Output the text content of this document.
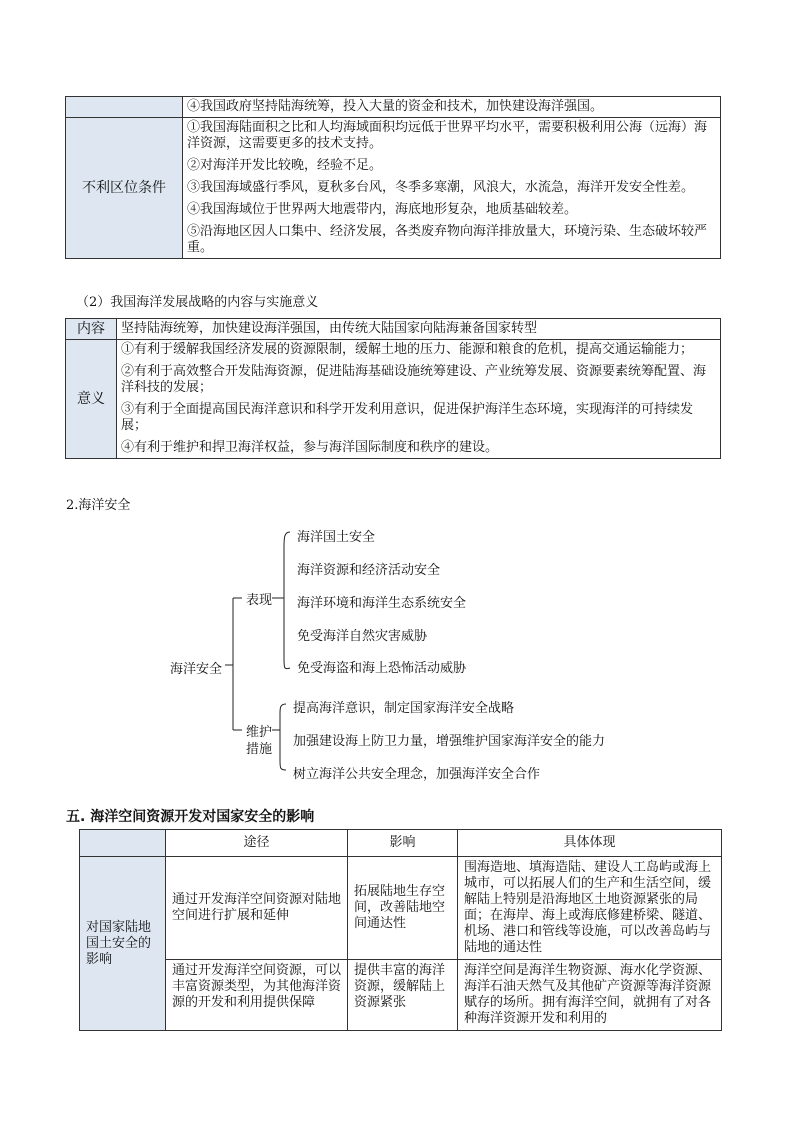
	④我国政府坚持陆海统筹，投入大量的资金和技术，加快建设海洋强国。
不利区位条件	①我国海陆面积之比和人均海域面积均远低于世界平均水平，需要积极利用公海（远海）海洋资源，这需要更多的技术支持。

②对海洋开发比较晚，经验不足。

③我国海域盛行季风，夏秋多台风，冬季多寒潮，风浪大，水流急，海洋开发安全性差。

④我国海域位于世界两大地震带内，海底地形复杂，地质基础较差。

⑤沿海地区因人口集中、经济发展，各类废弃物向海洋排放量大，环境污染、生态破坏较严重。

（2）我国海洋发展战略的内容与实施意义
内容	坚持陆海统筹，加快建设海洋强国，由传统大陆国家向陆海兼备国家转型
意义	①有利于缓解我国经济发展的资源限制，缓解土地的压力、能源和粮食的危机，提高交通运输能力；

②有利于高效整合开发陆海资源，促进陆海基础设施统筹建设、产业统筹发展、资源要素统筹配置、海洋科技的发展；

③有利于全面提高国民海洋意识和科学开发利用意识，促进保护海洋生态环境，实现海洋的可持续发展；

④有利于维护和捍卫海洋权益，参与海洋国际制度和秩序的建设。

2.海洋安全
海洋安全
表现
维护
措施
海洋国土安全
海洋资源和经济活动安全
海洋环境和海洋生态系统安全
免受海洋自然灾害威胁
免受海盗和海上恐怖活动威胁
提高海洋意识，制定国家海洋安全战略
加强建设海上防卫力量，增强维护国家海洋安全的能力
树立海洋公共安全理念，加强海洋安全合作
五. 海洋空间资源开发对国家安全的影响
	途径	影响	具体体现
对国家陆地国土安全的影响	通过开发海洋空间资源对陆地空间进行扩展和延伸	拓展陆地生存空间，改善陆地空间通达性	围海造地、填海造陆、建设人工岛屿或海上城市，可以拓展人们的生产和生活空间，缓解陆上特别是沿海地区土地资源紧张的局面；在海岸、海上或海底修建桥梁、隧道、机场、港口和管线等设施，可以改善岛屿与陆地的通达性
	通过开发海洋空间资源，可以丰富资源类型，为其他海洋资源的开发和利用提供保障	提供丰富的海洋资源，缓解陆上资源紧张	海洋空间是海洋生物资源、海水化学资源、海洋石油天然气及其他矿产资源等海洋资源赋存的场所。拥有海洋空间，就拥有了对各种海洋资源开发和利用的
